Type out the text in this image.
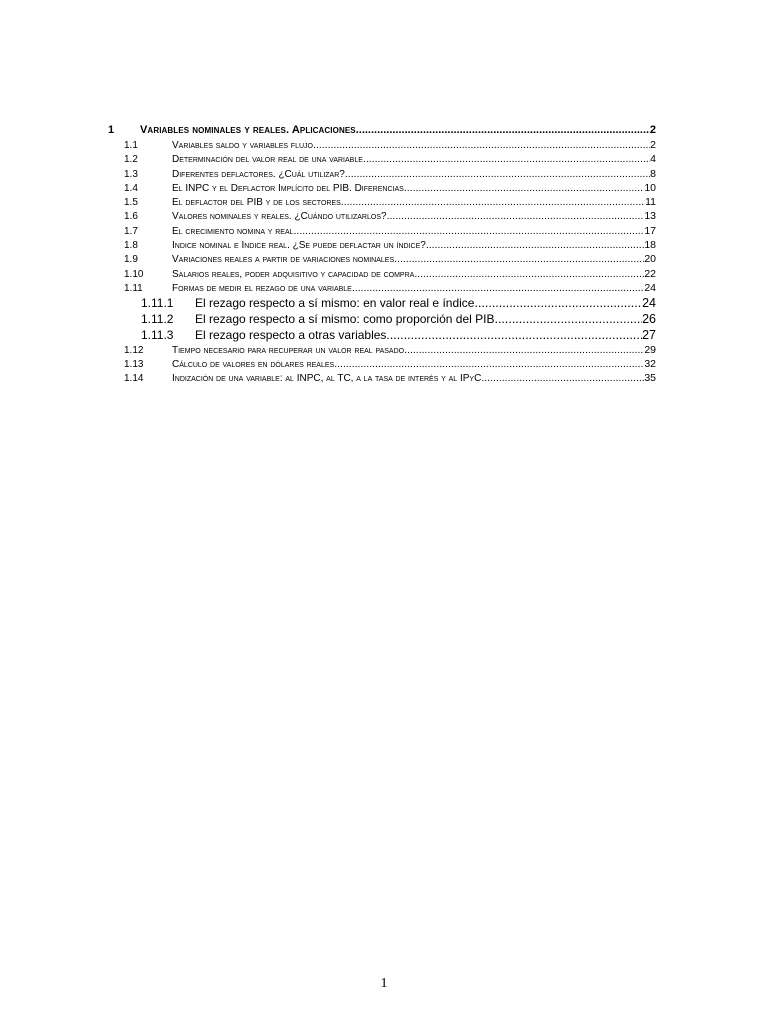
1	Variables nominales y reales. Aplicaciones .....	2
1.1	Variables saldo y variables flujo .....	2
1.2	Determinación del valor real de una variable .....	4
1.3	Diferentes deflactores. ¿Cuál utilizar? .....	8
1.4	El INPC y el Deflactor Implícito del PIB. Diferencias .....	10
1.5	El deflactor del PIB y de los sectores .....	11
1.6	Valores nominales y reales. ¿Cuándo utilizarlos? .....	13
1.7	El crecimiento nomina y real .....	17
1.8	Indice nominal e Indice real. ¿Se puede deflactar un índice? .....	18
1.9	Variaciones reales a partir de variaciones nominales .....	20
1.10	Salarios reales, poder adquisitivo y capacidad de compra .....	22
1.11	Formas de medir el rezago de una variable .....	24
1.11.1	El rezago respecto a sí mismo: en valor real e índice .....	24
1.11.2	El rezago respecto a sí mismo: como proporción del PIB .....	26
1.11.3	El rezago respecto a otras variables. .....	27
1.12	Tiempo necesario para recuperar un valor real pasado .....	29
1.13	Cálculo de valores en dólares reales .....	32
1.14	Indización de una variable: al INPC, al TC, a la tasa de interés y al IPyC .....	35
1
